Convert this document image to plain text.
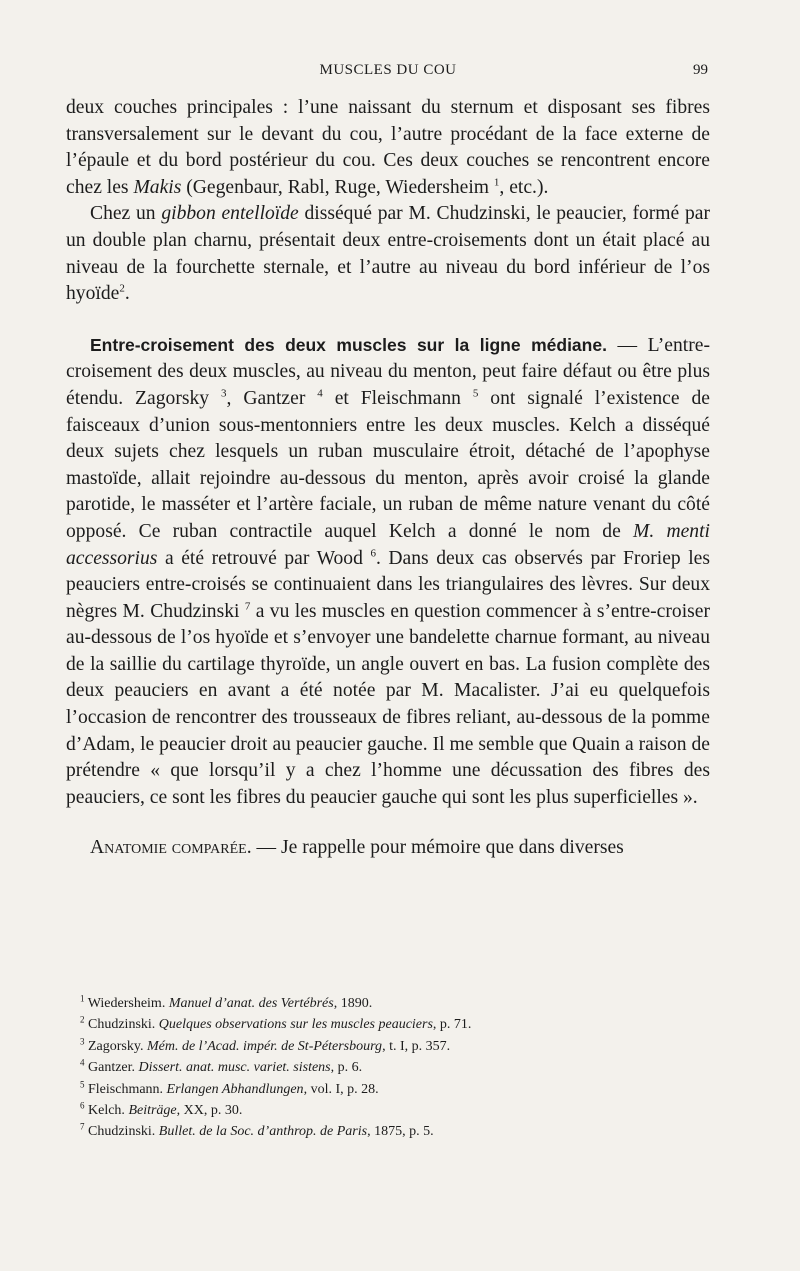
MUSCLES DU COU	99

deux couches principales : l’une naissant du sternum et disposant ses fibres transversalement sur le devant du cou, l’autre procédant de la face externe de l’épaule et du bord postérieur du cou. Ces deux couches se rencontrent encore chez les Makis (Gegenbaur, Rabl, Ruge, Wiedersheim $^1$, etc.).

Chez un gibbon entelloïde disséqué par M. Chudzinski, le peaucier, formé par un double plan charnu, présentait deux entre-croisements dont un était placé au niveau de la fourchette sternale, et l’autre au niveau du bord inférieur de l’os hyoïde$^2$.

Entre-croisement des deux muscles sur la ligne médiane. — L’entre-croisement des deux muscles, au niveau du menton, peut faire défaut ou être plus étendu. Zagorsky $^3$, Gantzer $^4$ et Fleischmann $^5$ ont signalé l’existence de faisceaux d’union sous-mentonniers entre les deux muscles. Kelch a disséqué deux sujets chez lesquels un ruban musculaire étroit, détaché de l’apophyse mastoïde, allait rejoindre au-dessous du menton, après avoir croisé la glande parotide, le masséter et l’artère faciale, un ruban de même nature venant du côté opposé. Ce ruban contractile auquel Kelch a donné le nom de M. menti accessorius a été retrouvé par Wood $^6$. Dans deux cas observés par Froriep les peauciers entre-croisés se continuaient dans les triangulaires des lèvres. Sur deux nègres M. Chudzinski $^7$ a vu les muscles en question commencer à s’entre-croiser au-dessous de l’os hyoïde et s’envoyer une bandelette charnue formant, au niveau de la saillie du cartilage thyroïde, un angle ouvert en bas. La fusion complète des deux peauciers en avant a été notée par M. Macalister. J’ai eu quelquefois l’occasion de rencontrer des trousseaux de fibres reliant, au-dessous de la pomme d’Adam, le peaucier droit au peaucier gauche. Il me semble que Quain a raison de prétendre « que lorsqu’il y a chez l’homme une décussation des fibres des peauciers, ce sont les fibres du peaucier gauche qui sont les plus superficielles ».

Anatomie comparée. — Je rappelle pour mémoire que dans diverses

$^1$ Wiedersheim. Manuel d’anat. des Vertébrés, 1890.
$^2$ Chudzinski. Quelques observations sur les muscles peauciers, p. 71.
$^3$ Zagorsky. Mém. de l’Acad. impér. de St-Pétersbourg, t. I, p. 357.
$^4$ Gantzer. Dissert. anat. musc. variet. sistens, p. 6.
$^5$ Fleischmann. Erlangen Abhandlungen, vol. I, p. 28.
$^6$ Kelch. Beiträge, XX, p. 30.
$^7$ Chudzinski. Bullet. de la Soc. d’anthrop. de Paris, 1875, p. 5.
